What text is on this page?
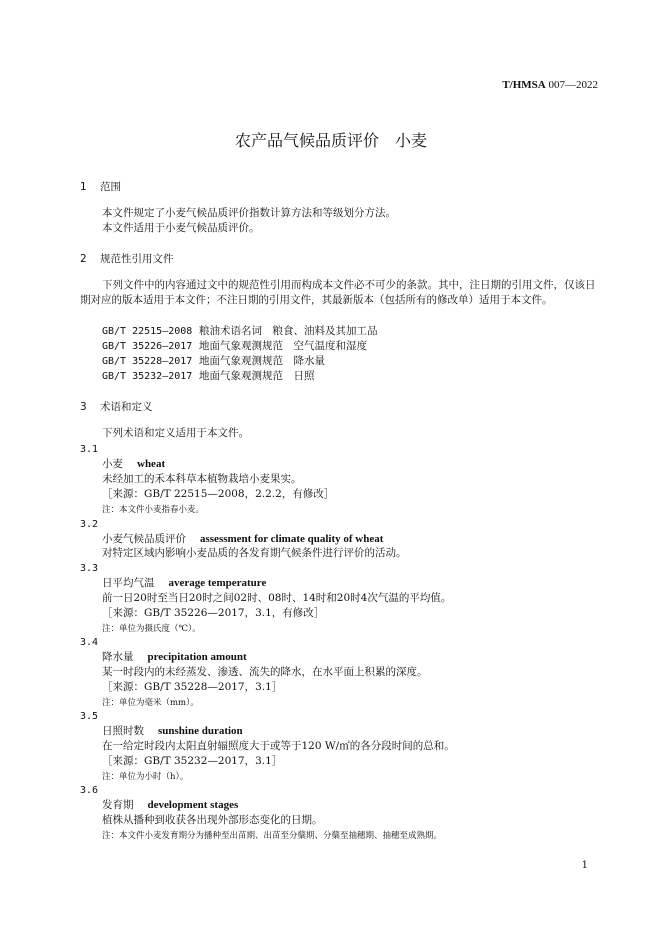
T/HMSA 007—2022
农产品气候品质评价　小麦
1 范围
本文件规定了小麦气候品质评价指数计算方法和等级划分方法。
本文件适用于小麦气候品质评价。
2 规范性引用文件
下列文件中的内容通过文中的规范性引用而构成本文件必不可少的条款。其中，注日期的引用文件，仅该日期对应的版本适用于本文件；不注日期的引用文件，其最新版本（包括所有的修改单）适用于本文件。
GB/T 22515—2008 粮油术语名词　粮食、油料及其加工品
GB/T 35226—2017 地面气象观测规范　空气温度和湿度
GB/T 35228—2017 地面气象观测规范　降水量
GB/T 35232—2017 地面气象观测规范　日照
3 术语和定义
下列术语和定义适用于本文件。
3.1
小麦 wheat
未经加工的禾本科草本植物栽培小麦果实。
［来源：GB/T 22515—2008，2.2.2，有修改］
注：本文件小麦指春小麦。
3.2
小麦气候品质评价 assessment for climate quality of wheat
对特定区域内影响小麦品质的各发育期气候条件进行评价的活动。
3.3
日平均气温 average temperature
前一日20时至当日20时之间02时、08时、14时和20时4次气温的平均值。
［来源：GB/T 35226—2017，3.1，有修改］
注：单位为摄氏度（℃）。
3.4
降水量 precipitation amount
某一时段内的未经蒸发、渗透、流失的降水，在水平面上积累的深度。
［来源：GB/T 35228—2017，3.1］
注：单位为毫米（mm）。
3.5
日照时数 sunshine duration
在一给定时段内太阳直射辐照度大于或等于120 W/㎡的各分段时间的总和。
［来源：GB/T 35232—2017，3.1］
注：单位为小时（h）。
3.6
发育期 development stages
植株从播种到收获各出现外部形态变化的日期。
注：本文件小麦发育期分为播种至出苗期、出苗至分蘖期、分蘖至抽穗期、抽穗至成熟期。
1
